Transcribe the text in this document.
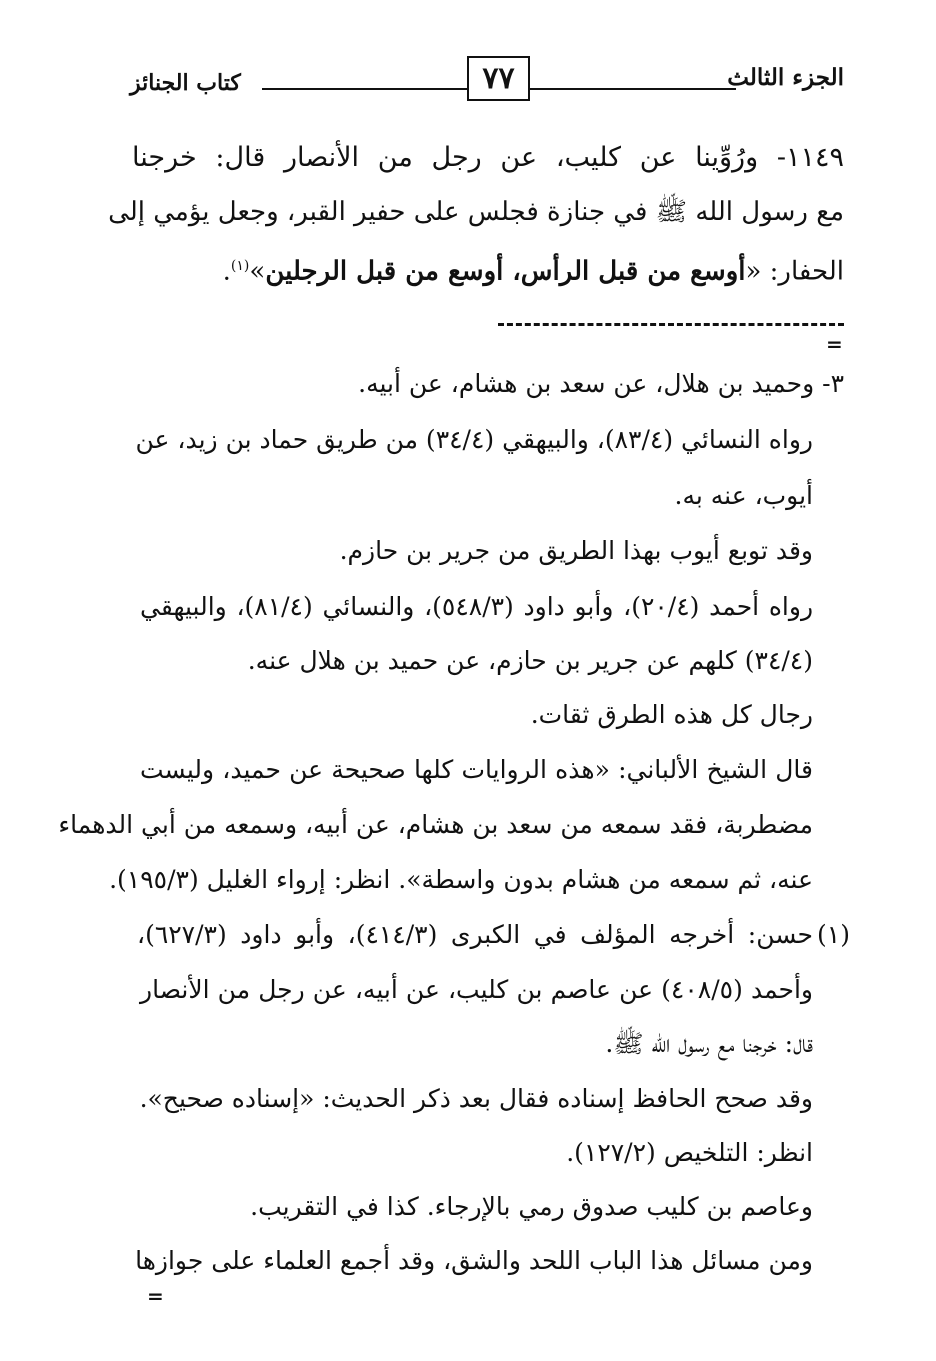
الجزء الثالث
٧٧
كتاب الجنائز
١١٤٩- ورُوِّينا عن كليب، عن رجل من الأنصار قال: خرجنا
مع رسول الله ﷺ في جنازة فجلس على حفير القبر، وجعل يؤمي إلى
الحفار: «أوسع من قبل الرأس، أوسع من قبل الرجلين»$^{(١)}$.
=
٣- وحميد بن هلال، عن سعد بن هشام، عن أبيه.
رواه النسائي (٨٣/٤)، والبيهقي (٣٤/٤) من طريق حماد بن زيد، عن
أيوب، عنه به.
وقد توبع أيوب بهذا الطريق من جرير بن حازم.
رواه أحمد (٢٠/٤)، وأبو داود (٥٤٨/٣)، والنسائي (٨١/٤)، والبيهقي
(٣٤/٤) كلهم عن جرير بن حازم، عن حميد بن هلال عنه.
رجال كل هذه الطرق ثقات.
قال الشيخ الألباني: «هذه الروايات كلها صحيحة عن حميد، وليست
مضطربة، فقد سمعه من سعد بن هشام، عن أبيه، وسمعه من أبي الدهماء
عنه، ثم سمعه من هشام بدون واسطة». انظر: إرواء الغليل (١٩٥/٣).
(١)
حسن: أخرجه المؤلف في الكبرى (٤١٤/٣)، وأبو داود (٦٢٧/٣)،
وأحمد (٤٠٨/٥) عن عاصم بن كليب، عن أبيه، عن رجل من الأنصار
قال: خرجنا مع رسول الله ﷺ.
وقد صحح الحافظ إسناده فقال بعد ذكر الحديث: «إسناده صحيح».
انظر: التلخيص (١٢٧/٢).
وعاصم بن كليب صدوق رمي بالإرجاء. كذا في التقريب.
ومن مسائل هذا الباب اللحد والشق، وقد أجمع العلماء على جوازها
=
